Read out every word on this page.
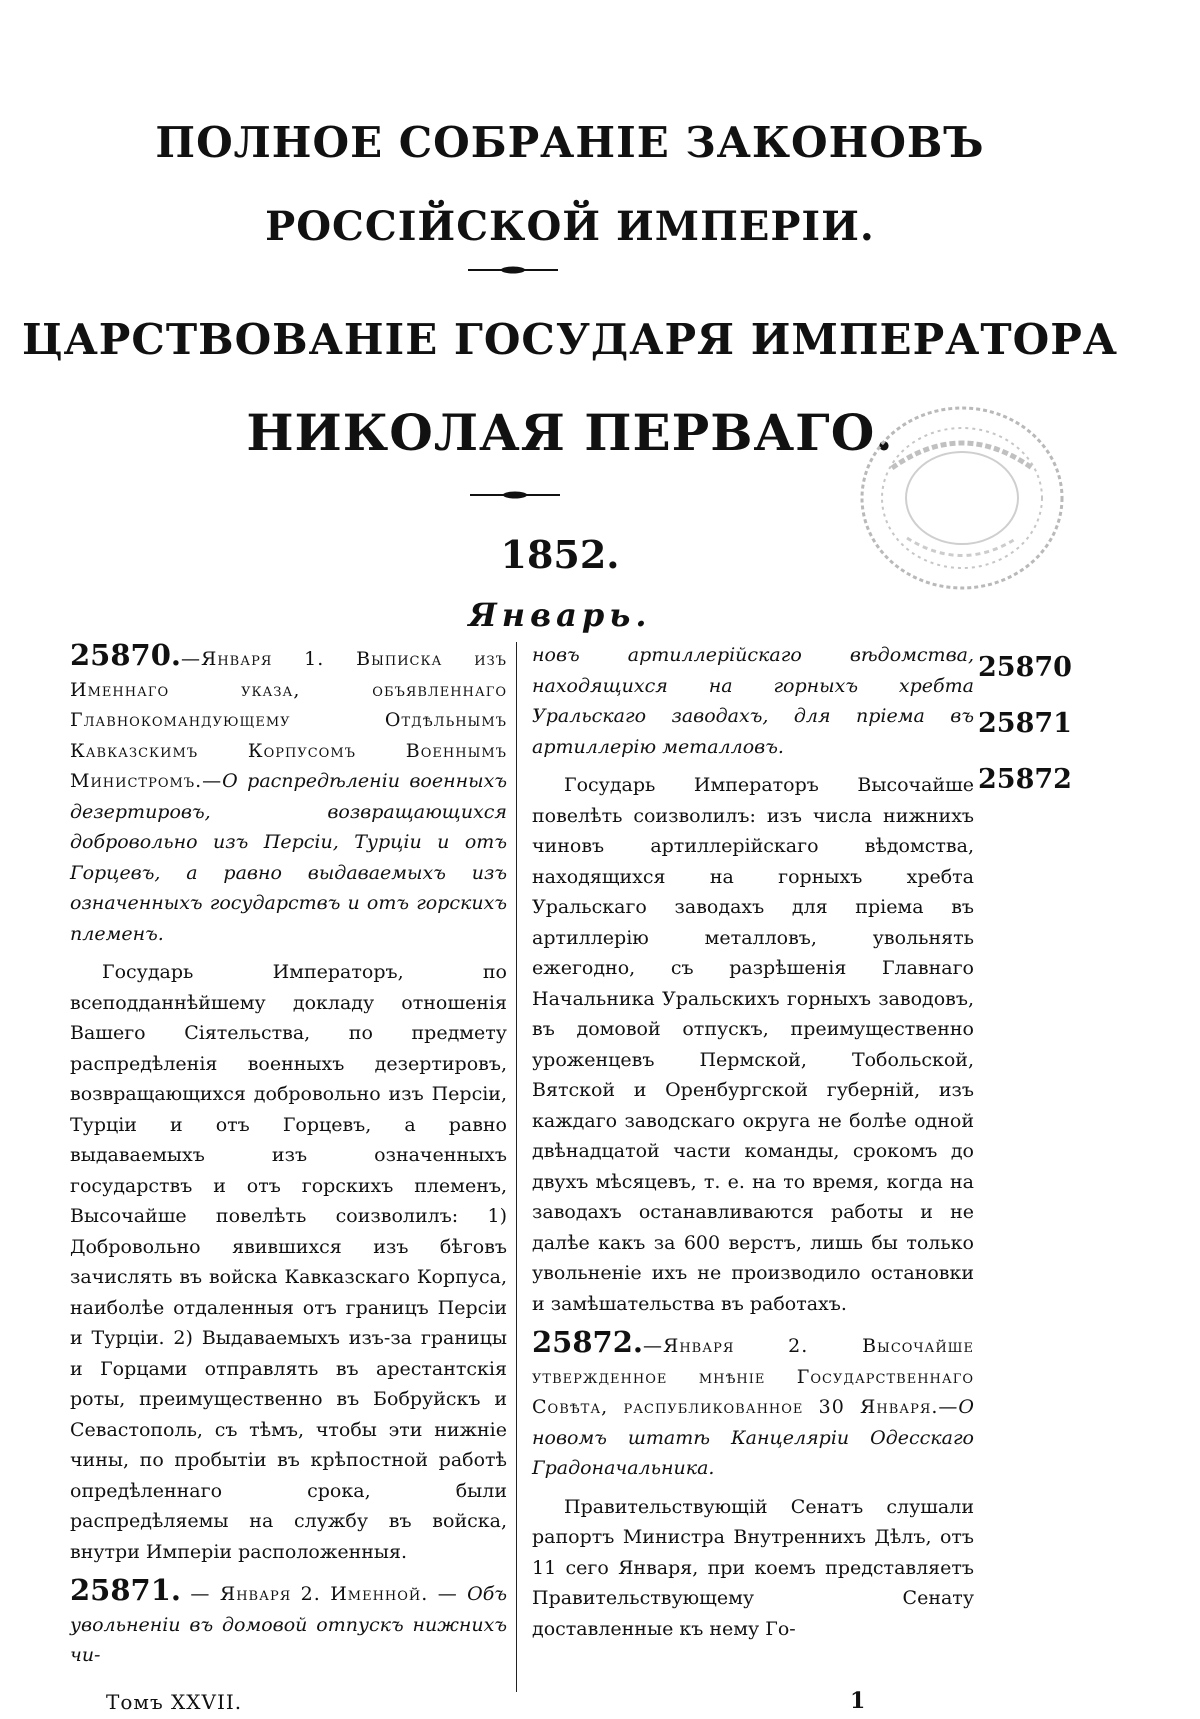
ПОЛНОЕ СОБРАНІЕ ЗАКОНОВЪ
РОССІЙСКОЙ ИМПЕРІИ.
ЦАРСТВОВАНІЕ ГОСУДАРЯ ИМПЕРАТОРА
НИКОЛАЯ ПЕРВАГО.
1852.
Январь.

25870.—Января 1. Выписка изъ Именнаго указа, объявленнаго Главнокомандующему Отдѣльнымъ Кавказскимъ Корпусомъ Военнымъ Министромъ.—О распредѣленіи военныхъ дезертировъ, возвращающихся добровольно изъ Персіи, Турціи и отъ Горцевъ, а равно выдаваемыхъ изъ означенныхъ государствъ и отъ горскихъ племенъ.

Государь Императоръ, по всеподданнѣйшему докладу отношенія Вашего Сіятельства, по предмету распредѣленія военныхъ дезертировъ, возвращающихся добровольно изъ Персіи, Турціи и отъ Горцевъ, а равно выдаваемыхъ изъ означенныхъ государствъ и отъ горскихъ племенъ, Высочайше повелѣть соизволилъ: 1) Добровольно явившихся изъ бѣговъ зачислять въ войска Кавказскаго Корпуса, наиболѣе отдаленныя отъ границъ Персіи и Турціи. 2) Выдаваемыхъ изъ-за границы и Горцами отправлять въ арестантскія роты, преимущественно въ Бобруйскъ и Севастополь, съ тѣмъ, чтобы эти нижніе чины, по пробытіи въ крѣпостной работѣ опредѣленнаго срока, были распредѣляемы на службу въ войска, внутри Имперіи расположенныя.

25871. — Января 2. Именной. — Объ увольненіи въ домовой отпускъ нижнихъ чи-

новъ артиллерійскаго вѣдомства, находящихся на горныхъ хребта Уральскаго заводахъ, для пріема въ артиллерію металловъ.

Государь Императоръ Высочайше повелѣть соизволилъ: изъ числа нижнихъ чиновъ артиллерійскаго вѣдомства, находящихся на горныхъ хребта Уральскаго заводахъ для пріема въ артиллерію металловъ, увольнять ежегодно, съ разрѣшенія Главнаго Начальника Уральскихъ горныхъ заводовъ, въ домовой отпускъ, преимущественно уроженцевъ Пермской, Тобольской, Вятской и Оренбургской губерній, изъ каждаго заводскаго округа не болѣе одной двѣнадцатой части команды, срокомъ до двухъ мѣсяцевъ, т. е. на то время, когда на заводахъ останавливаются работы и не далѣе какъ за 600 верстъ, лишь бы только увольненіе ихъ не производило остановки и замѣшательства въ работахъ.

25872.—Января 2. Высочайше утвержденное мнѣніе Государственнаго Совѣта, распубликованное 30 Января.—О новомъ штатѣ Канцеляріи Одесскаго Градоначальника.

Правительствующій Сенатъ слушали рапортъ Министра Внутреннихъ Дѣлъ, отъ 11 сего Января, при коемъ представляетъ Правительствующему Сенату доставленные къ нему Го-

25870
25871
25872
Томъ XXVII.	1
